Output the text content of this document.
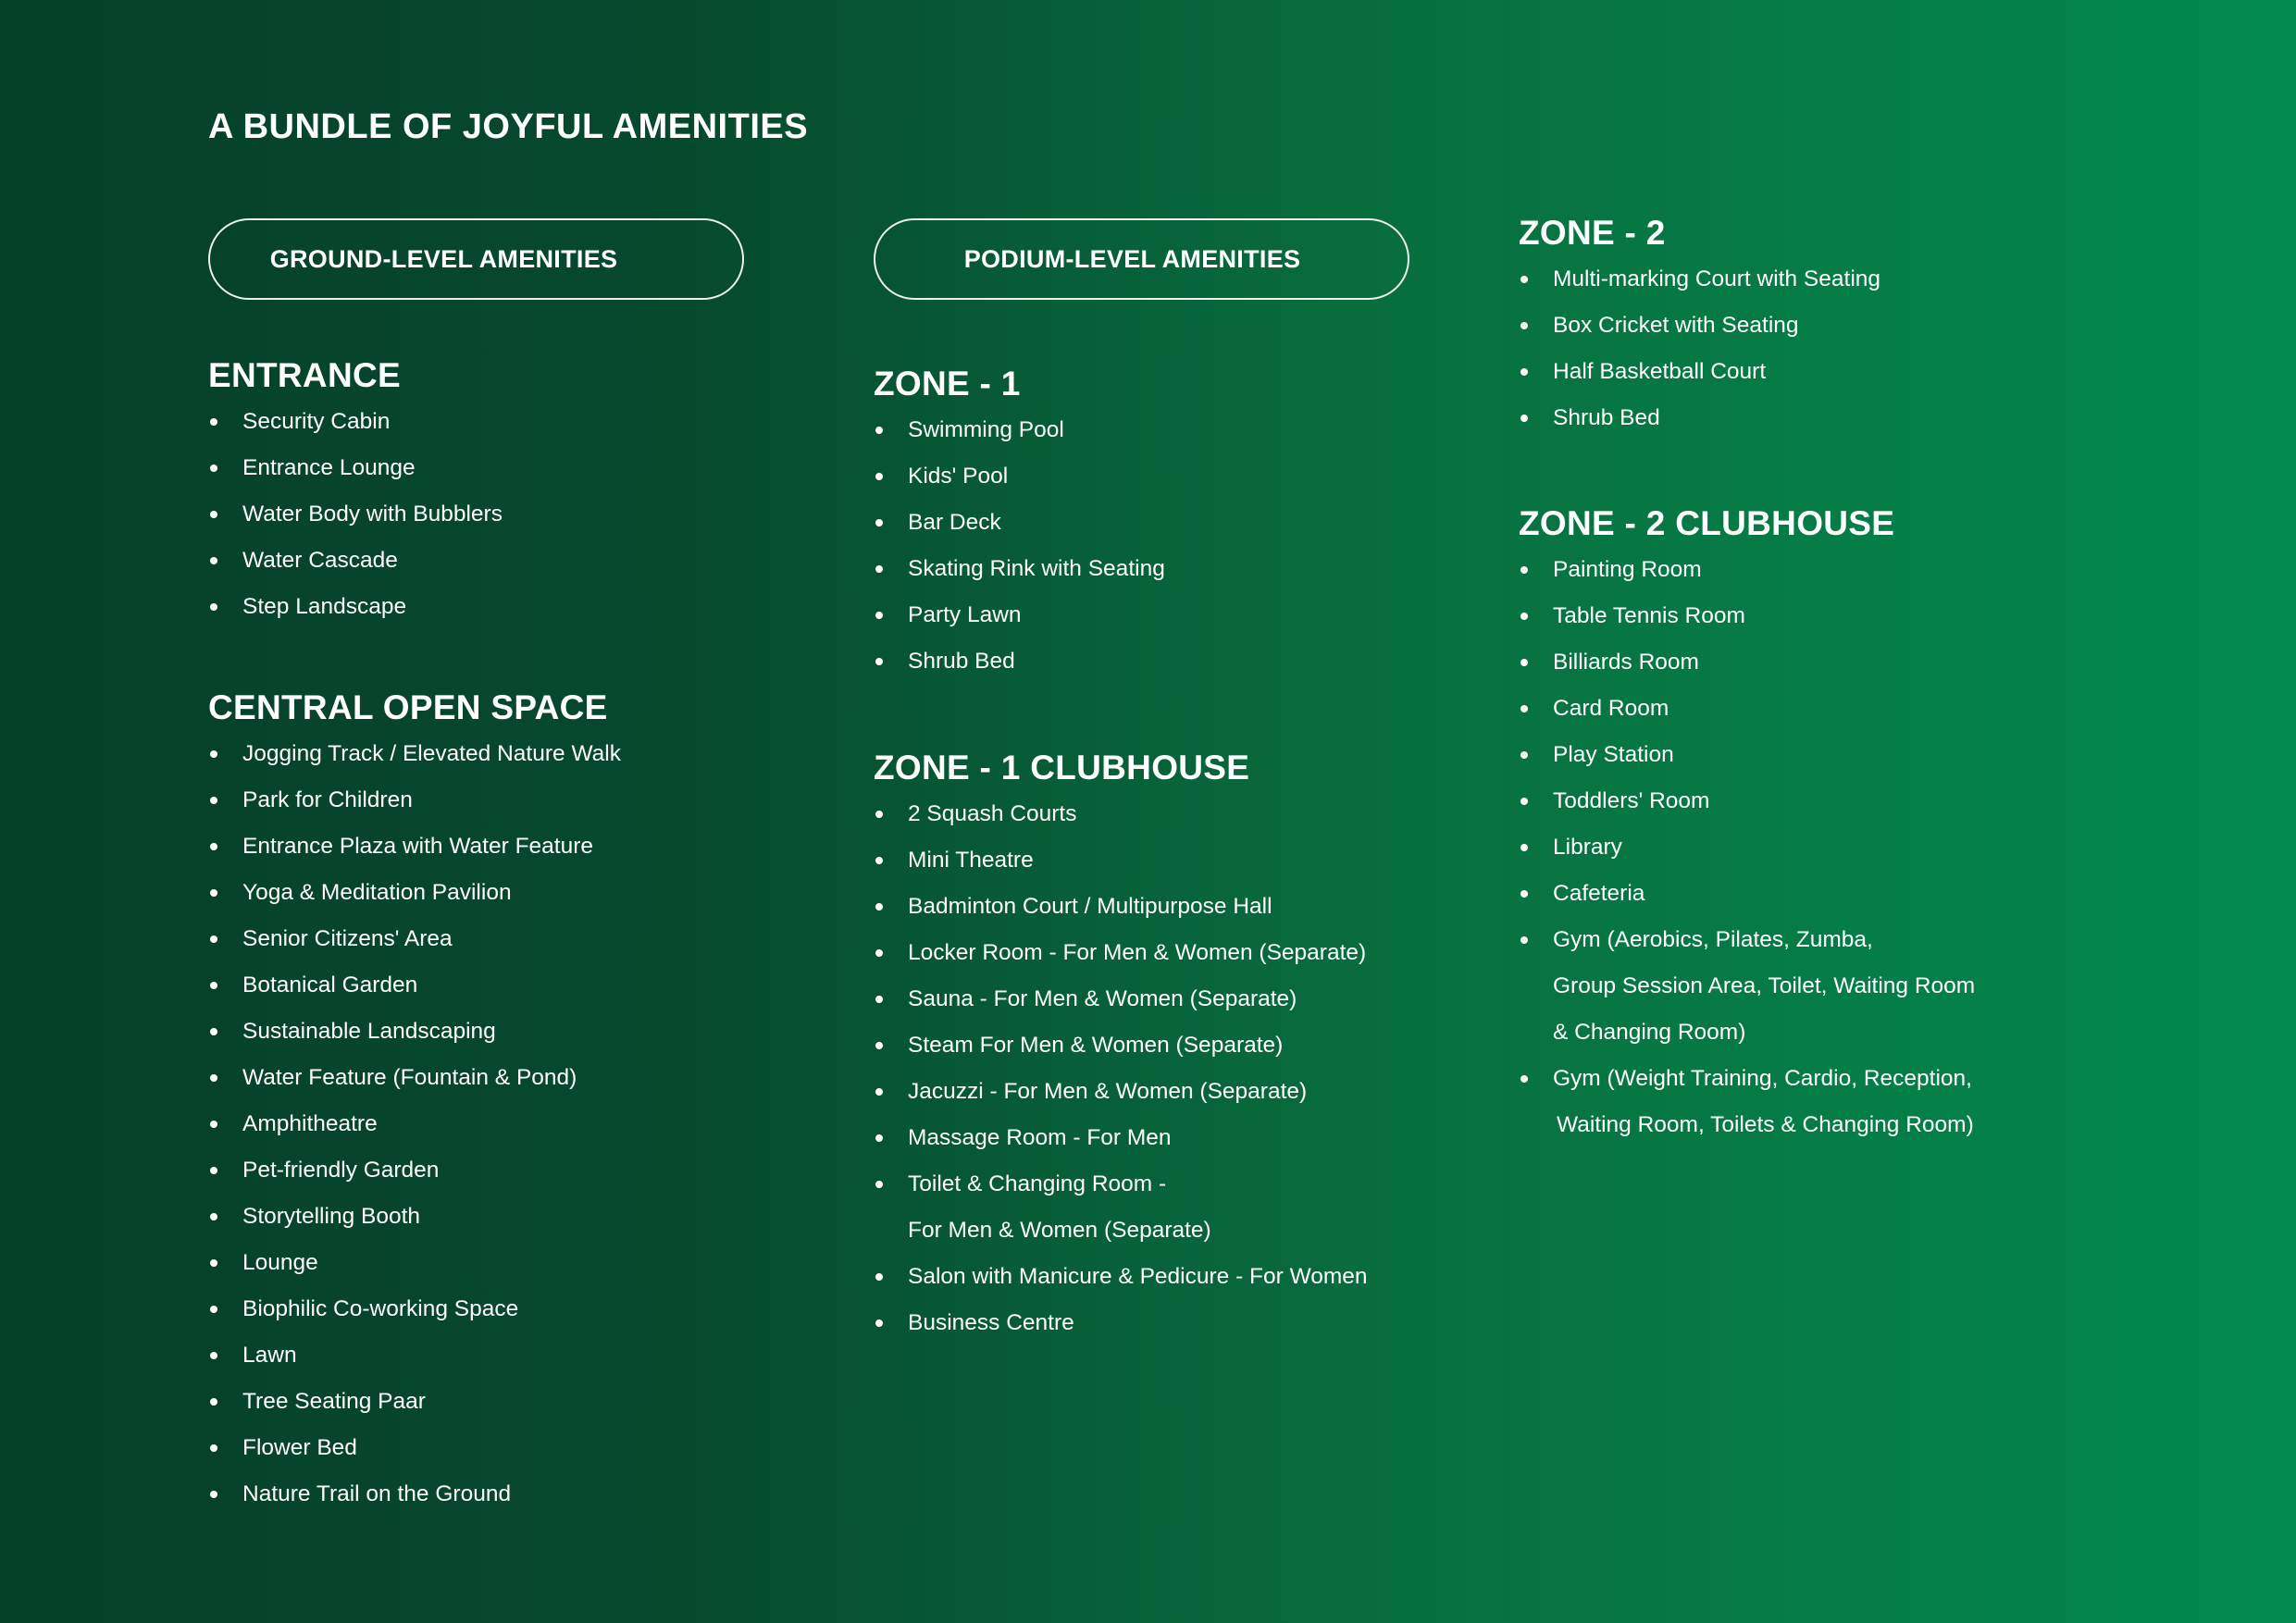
A BUNDLE OF JOYFUL AMENITIES
GROUND-LEVEL AMENITIES	PODIUM-LEVEL AMENITIES
ENTRANCE
Security Cabin
Entrance Lounge
Water Body with Bubblers
Water Cascade
Step Landscape
CENTRAL OPEN SPACE
Jogging Track / Elevated Nature Walk
Park for Children
Entrance Plaza with Water Feature
Yoga & Meditation Pavilion
Senior Citizens' Area
Botanical Garden
Sustainable Landscaping
Water Feature (Fountain & Pond)
Amphitheatre
Pet-friendly Garden
Storytelling Booth
Lounge
Biophilic Co-working Space
Lawn
Tree Seating Paar
Flower Bed
Nature Trail on the Ground
ZONE - 1
Swimming Pool
Kids' Pool
Bar Deck
Skating Rink with Seating
Party Lawn
Shrub Bed
ZONE - 1 CLUBHOUSE
2 Squash Courts
Mini Theatre
Badminton Court / Multipurpose Hall
Locker Room - For Men & Women (Separate)
Sauna - For Men & Women (Separate)
Steam For Men & Women (Separate)
Jacuzzi - For Men & Women (Separate)
Massage Room - For Men
Toilet & Changing Room -
For Men & Women (Separate)
Salon with Manicure & Pedicure - For Women
Business Centre
ZONE - 2
Multi-marking Court with Seating
Box Cricket with Seating
Half Basketball Court
Shrub Bed
ZONE - 2 CLUBHOUSE
Painting Room
Table Tennis Room
Billiards Room
Card Room
Play Station
Toddlers' Room
Library
Cafeteria
Gym (Aerobics, Pilates, Zumba,
Group Session Area, Toilet, Waiting Room
& Changing Room)
Gym (Weight Training, Cardio, Reception,
Waiting Room, Toilets & Changing Room)
